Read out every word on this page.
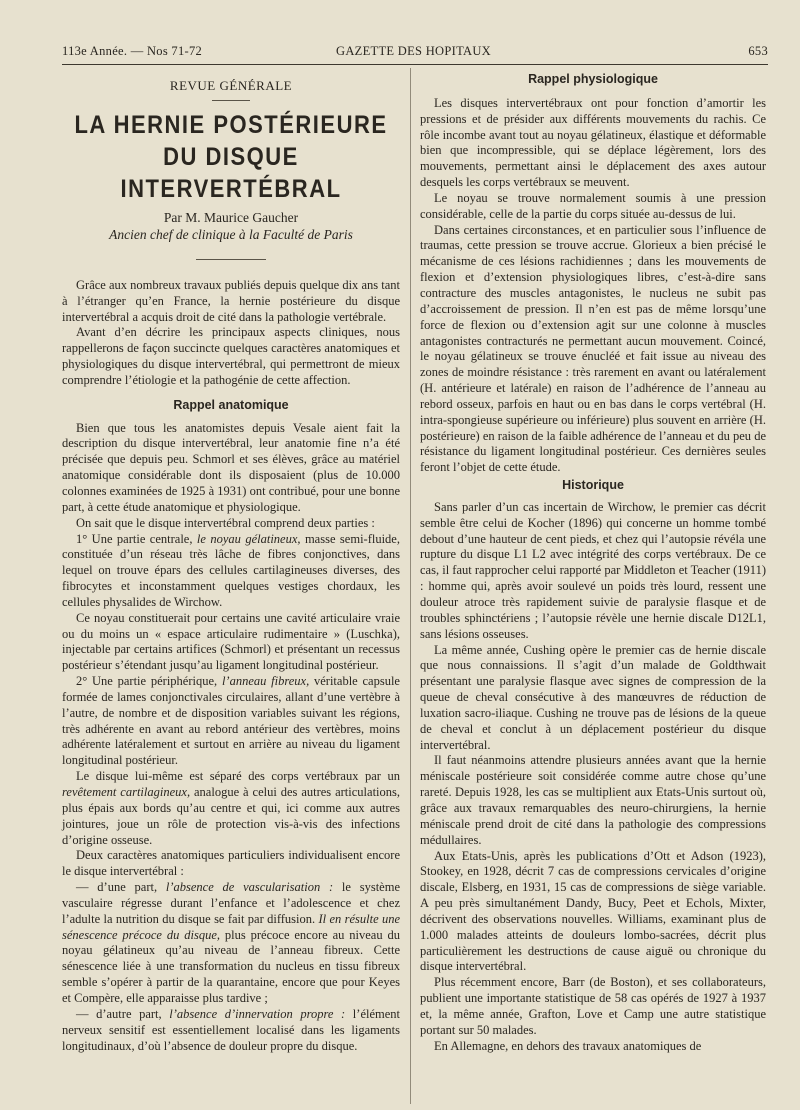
113e Année. — Nos 71-72	GAZETTE DES HOPITAUX	653
REVUE GÉNÉRALE
LA HERNIE POSTÉRIEURE
DU DISQUE INTERVERTÉBRAL
Par M. Maurice Gaucher
Ancien chef de clinique à la Faculté de Paris

Grâce aux nombreux travaux publiés depuis quelque dix ans tant à l’étranger qu’en France, la hernie postérieure du disque intervertébral a acquis droit de cité dans la pathologie vertébrale.

Avant d’en décrire les principaux aspects cliniques, nous rappellerons de façon succincte quelques caractères anatomiques et physiologiques du disque intervertébral, qui permettront de mieux comprendre l’étiologie et la pathogénie de cette affection.

Rappel anatomique

Bien que tous les anatomistes depuis Vesale aient fait la description du disque intervertébral, leur anatomie fine n’a été précisée que depuis peu. Schmorl et ses élèves, grâce au matériel anatomique considérable dont ils disposaient (plus de 10.000 colonnes examinées de 1925 à 1931) ont contribué, pour une bonne part, à cette étude anatomique et physiologique.

On sait que le disque intervertébral comprend deux parties :

1° Une partie centrale, le noyau gélatineux, masse semi-fluide, constituée d’un réseau très lâche de fibres conjonctives, dans lequel on trouve épars des cellules cartilagineuses diverses, des fibrocytes et inconstamment quelques vestiges chordaux, les cellules physalides de Wirchow.

Ce noyau constituerait pour certains une cavité articulaire vraie ou du moins un « espace articulaire rudimentaire » (Luschka), injectable par certains artifices (Schmorl) et présentant un recessus postérieur s’étendant jusqu’au ligament longitudinal postérieur.

2° Une partie périphérique, l’anneau fibreux, véritable capsule formée de lames conjonctivales circulaires, allant d’une vertèbre à l’autre, de nombre et de disposition variables suivant les régions, très adhérente en avant au rebord antérieur des vertèbres, moins adhérente latéralement et surtout en arrière au niveau du ligament longitudinal postérieur.

Le disque lui-même est séparé des corps vertébraux par un revêtement cartilagineux, analogue à celui des autres articulations, plus épais aux bords qu’au centre et qui, ici comme aux autres jointures, joue un rôle de protection vis-à-vis des infections d’origine osseuse.

Deux caractères anatomiques particuliers individualisent encore le disque intervertébral :

— d’une part, l’absence de vascularisation : le système vasculaire régresse durant l’enfance et l’adolescence et chez l’adulte la nutrition du disque se fait par diffusion. Il en résulte une sénescence précoce du disque, plus précoce encore au niveau du noyau gélatineux qu’au niveau de l’anneau fibreux. Cette sénescence liée à une transformation du nucleus en tissu fibreux semble s’opérer à partir de la quarantaine, encore que pour Keyes et Compère, elle apparaisse plus tardive ;

— d’autre part, l’absence d’innervation propre : l’élément nerveux sensitif est essentiellement localisé dans les ligaments longitudinaux, d’où l’absence de douleur propre du disque.

Rappel physiologique

Les disques intervertébraux ont pour fonction d’amortir les pressions et de présider aux différents mouvements du rachis. Ce rôle incombe avant tout au noyau gélatineux, élastique et déformable bien que incompressible, qui se déplace légèrement, lors des mouvements, permettant ainsi le déplacement des axes autour desquels les corps vertébraux se meuvent.

Le noyau se trouve normalement soumis à une pression considérable, celle de la partie du corps située au-dessus de lui.

Dans certaines circonstances, et en particulier sous l’influence de traumas, cette pression se trouve accrue. Glorieux a bien précisé le mécanisme de ces lésions rachidiennes ; dans les mouvements de flexion et d’extension physiologiques libres, c’est-à-dire sans contracture des muscles antagonistes, le nucleus ne subit pas d’accroissement de pression. Il n’en est pas de même lorsqu’une force de flexion ou d’extension agit sur une colonne à muscles antagonistes contracturés ne permettant aucun mouvement. Coincé, le noyau gélatineux se trouve énucléé et fait issue au niveau des zones de moindre résistance : très rarement en avant ou latéralement (H. antérieure et latérale) en raison de l’adhérence de l’anneau au rebord osseux, parfois en haut ou en bas dans le corps vertébral (H. intra-spongieuse supérieure ou inférieure) plus souvent en arrière (H. postérieure) en raison de la faible adhérence de l’anneau et du peu de résistance du ligament longitudinal postérieur. Ces dernières seules feront l’objet de cette étude.

Historique

Sans parler d’un cas incertain de Wirchow, le premier cas décrit semble être celui de Kocher (1896) qui concerne un homme tombé debout d’une hauteur de cent pieds, et chez qui l’autopsie révéla une rupture du disque L1 L2 avec intégrité des corps vertébraux. De ce cas, il faut rapprocher celui rapporté par Middleton et Teacher (1911) : homme qui, après avoir soulevé un poids très lourd, ressent une douleur atroce très rapidement suivie de paralysie flasque et de troubles sphinctériens ; l’autopsie révèle une hernie discale D12L1, sans lésions osseuses.

La même année, Cushing opère le premier cas de hernie discale que nous connaissions. Il s’agit d’un malade de Goldthwait présentant une paralysie flasque avec signes de compression de la queue de cheval consécutive à des manœuvres de réduction de luxation sacro-iliaque. Cushing ne trouve pas de lésions de la queue de cheval et conclut à un déplacement postérieur du disque intervertébral.

Il faut néanmoins attendre plusieurs années avant que la hernie méniscale postérieure soit considérée comme autre chose qu’une rareté. Depuis 1928, les cas se multiplient aux Etats-Unis surtout où, grâce aux travaux remarquables des neuro-chirurgiens, la hernie méniscale prend droit de cité dans la pathologie des compressions médullaires.

Aux Etats-Unis, après les publications d’Ott et Adson (1923), Stookey, en 1928, décrit 7 cas de compressions cervicales d’origine discale, Elsberg, en 1931, 15 cas de compressions de siège variable. A peu près simultanément Dandy, Bucy, Peet et Echols, Mixter, décrivent des observations nouvelles. Williams, examinant plus de 1.000 malades atteints de douleurs lombo-sacrées, décrit plus particulièrement les destructions de cause aiguë ou chronique du disque intervertébral.

Plus récemment encore, Barr (de Boston), et ses collaborateurs, publient une importante statistique de 58 cas opérés de 1927 à 1937 et, la même année, Grafton, Love et Camp une autre statistique portant sur 50 malades.

En Allemagne, en dehors des travaux anatomiques de
